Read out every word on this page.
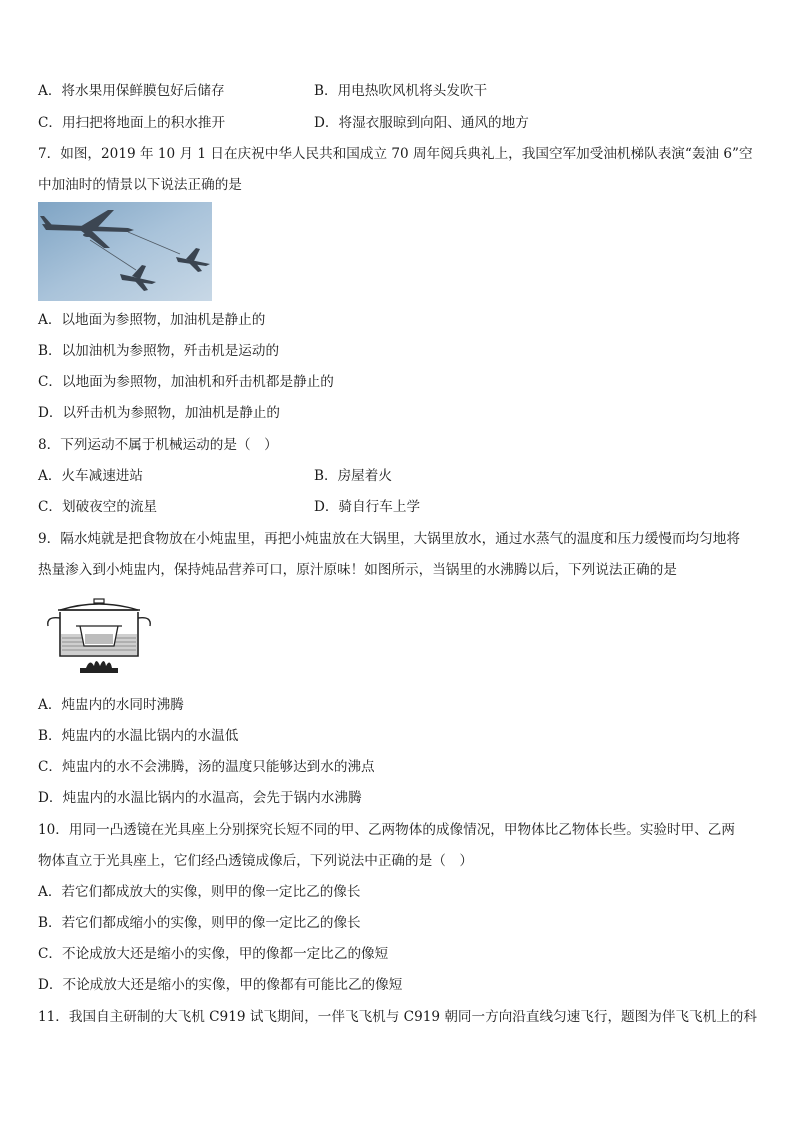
A．将水果用保鲜膜包好后储存	B．用电热吹风机将头发吹干
C．用扫把将地面上的积水推开	D．将湿衣服晾到向阳、通风的地方
7．如图，2019 年 10 月 1 日在庆祝中华人民共和国成立 70 周年阅兵典礼上，我国空军加受油机梯队表演“轰油 6”空
中加油时的情景以下说法正确的是
A．以地面为参照物，加油机是静止的
B．以加油机为参照物，歼击机是运动的
C．以地面为参照物，加油机和歼击机都是静止的
D．以歼击机为参照物，加油机是静止的
8．下列运动不属于机械运动的是（　）
A．火车减速进站	B．房屋着火
C．划破夜空的流星	D．骑自行车上学
9．隔水炖就是把食物放在小炖盅里，再把小炖盅放在大锅里，大锅里放水，通过水蒸气的温度和压力缓慢而均匀地将
热量渗入到小炖盅内，保持炖品营养可口，原汁原味！如图所示，当锅里的水沸腾以后，下列说法正确的是
A．炖盅内的水同时沸腾
B．炖盅内的水温比锅内的水温低
C．炖盅内的水不会沸腾，汤的温度只能够达到水的沸点
D．炖盅内的水温比锅内的水温高，会先于锅内水沸腾
10．用同一凸透镜在光具座上分别探究长短不同的甲、乙两物体的成像情况，甲物体比乙物体长些。实验时甲、乙两
物体直立于光具座上，它们经凸透镜成像后，下列说法中正确的是（　）
A．若它们都成放大的实像，则甲的像一定比乙的像长
B．若它们都成缩小的实像，则甲的像一定比乙的像长
C．不论成放大还是缩小的实像，甲的像都一定比乙的像短
D．不论成放大还是缩小的实像，甲的像都有可能比乙的像短
11．我国自主研制的大飞机 C919 试飞期间，一伴飞飞机与 C919 朝同一方向沿直线匀速飞行，题图为伴飞飞机上的科
